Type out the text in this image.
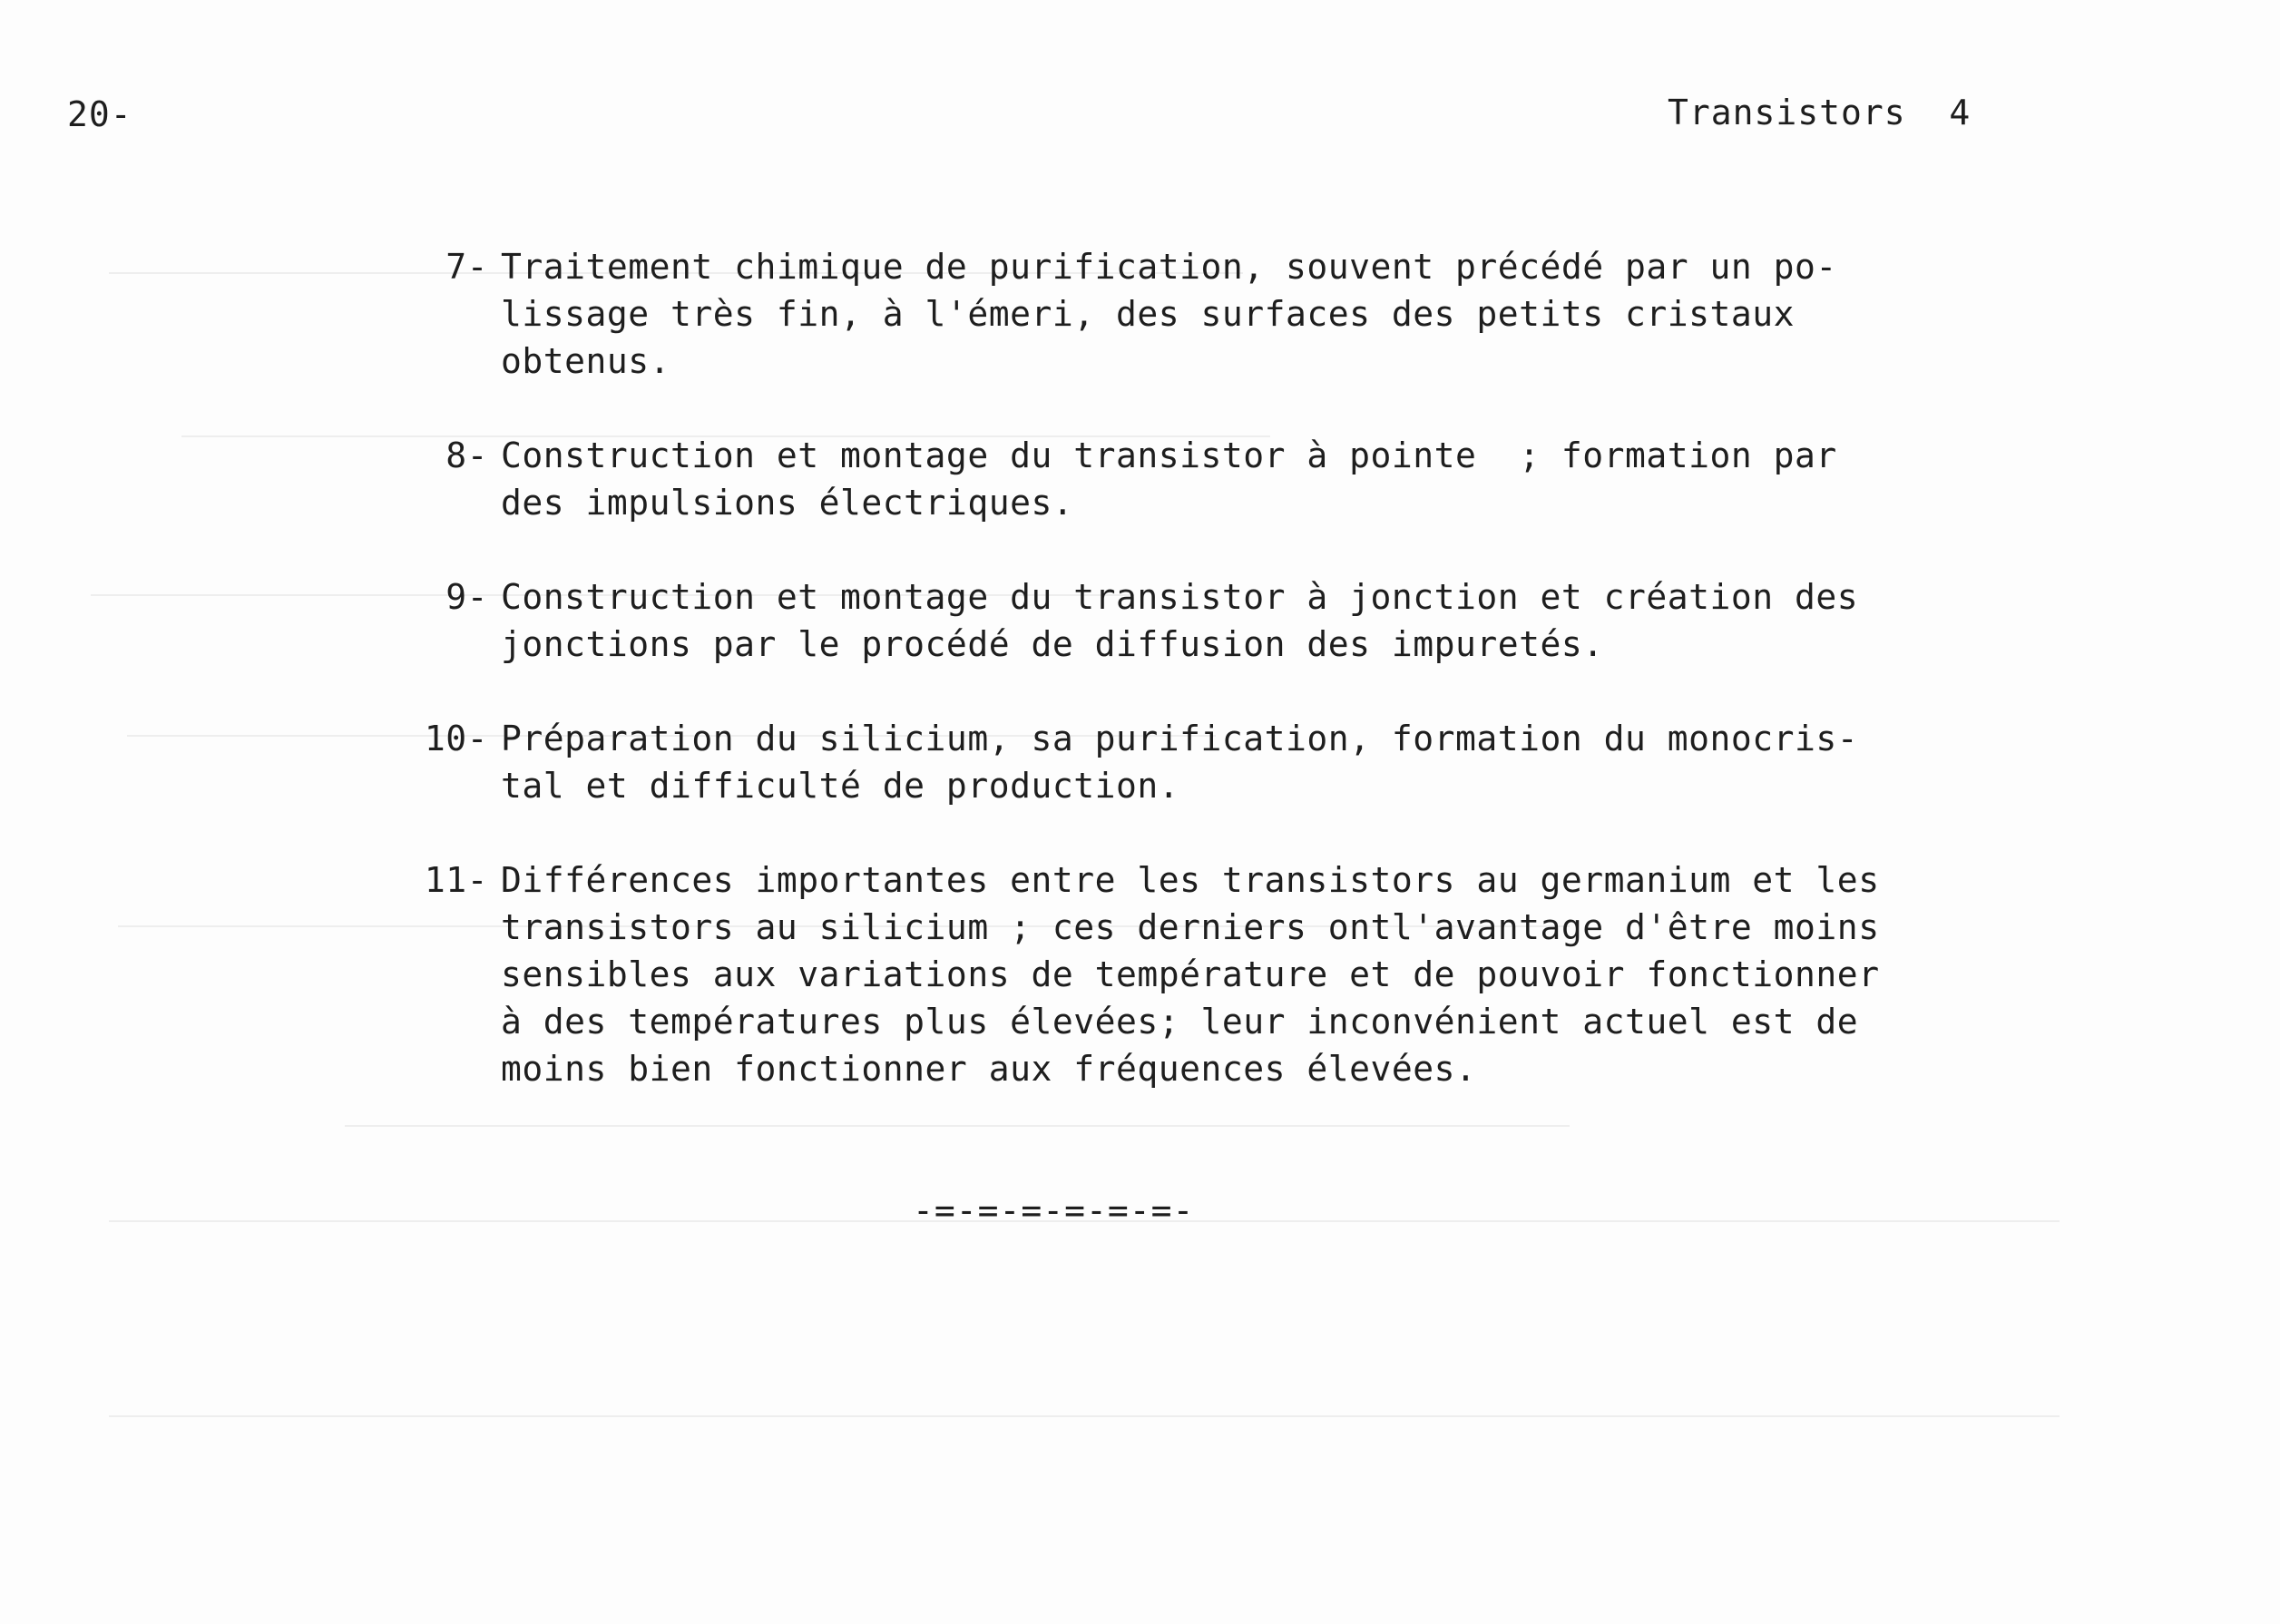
20-	Transistors  4
7- Traitement chimique de purification, souvent précédé par un po-
lissage très fin, à l'émeri, des surfaces des petits cristaux
obtenus.
8- Construction et montage du transistor à pointe  ; formation par
des impulsions électriques.
9- Construction et montage du transistor à jonction et création des
jonctions par le procédé de diffusion des impuretés.
10- Préparation du silicium, sa purification, formation du monocris-
tal et difficulté de production.
11- Différences importantes entre les transistors au germanium et les
transistors au silicium ; ces derniers ontl'avantage d'être moins
sensibles aux variations de température et de pouvoir fonctionner
à des températures plus élevées; leur inconvénient actuel est de
moins bien fonctionner aux fréquences élevées.
-=-=-=-=-=-=-
